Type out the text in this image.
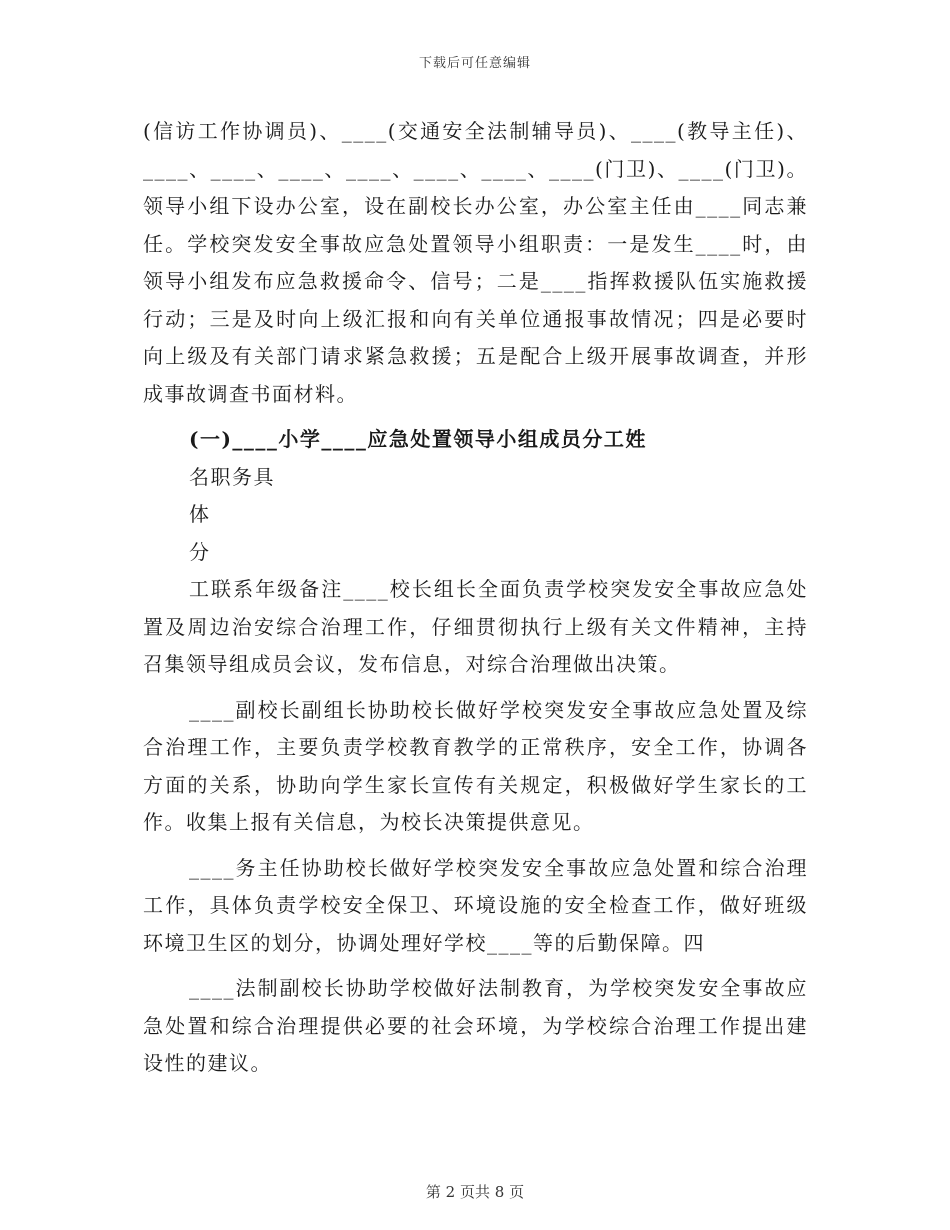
下载后可任意编辑

(信访工作协调员)、____(交通安全法制辅导员)、____(教导主任)、____、____、____、____、____、____、____(门卫)、____(门卫)。领导小组下设办公室，设在副校长办公室，办公室主任由____同志兼任。学校突发安全事故应急处置领导小组职责：一是发生____时，由领导小组发布应急救援命令、信号；二是____指挥救援队伍实施救援行动；三是及时向上级汇报和向有关单位通报事故情况；四是必要时向上级及有关部门请求紧急救援；五是配合上级开展事故调查，并形成事故调查书面材料。

(一)____小学____应急处置领导小组成员分工姓

名职务具

体

分

工联系年级备注____校长组长全面负责学校突发安全事故应急处置及周边治安综合治理工作，仔细贯彻执行上级有关文件精神，主持召集领导组成员会议，发布信息，对综合治理做出决策。

____副校长副组长协助校长做好学校突发安全事故应急处置及综合治理工作，主要负责学校教育教学的正常秩序，安全工作，协调各方面的关系，协助向学生家长宣传有关规定，积极做好学生家长的工作。收集上报有关信息，为校长决策提供意见。

____务主任协助校长做好学校突发安全事故应急处置和综合治理工作，具体负责学校安全保卫、环境设施的安全检查工作，做好班级环境卫生区的划分，协调处理好学校____等的后勤保障。四

____法制副校长协助学校做好法制教育，为学校突发安全事故应急处置和综合治理提供必要的社会环境，为学校综合治理工作提出建设性的建议。

第 2 页共 8 页
